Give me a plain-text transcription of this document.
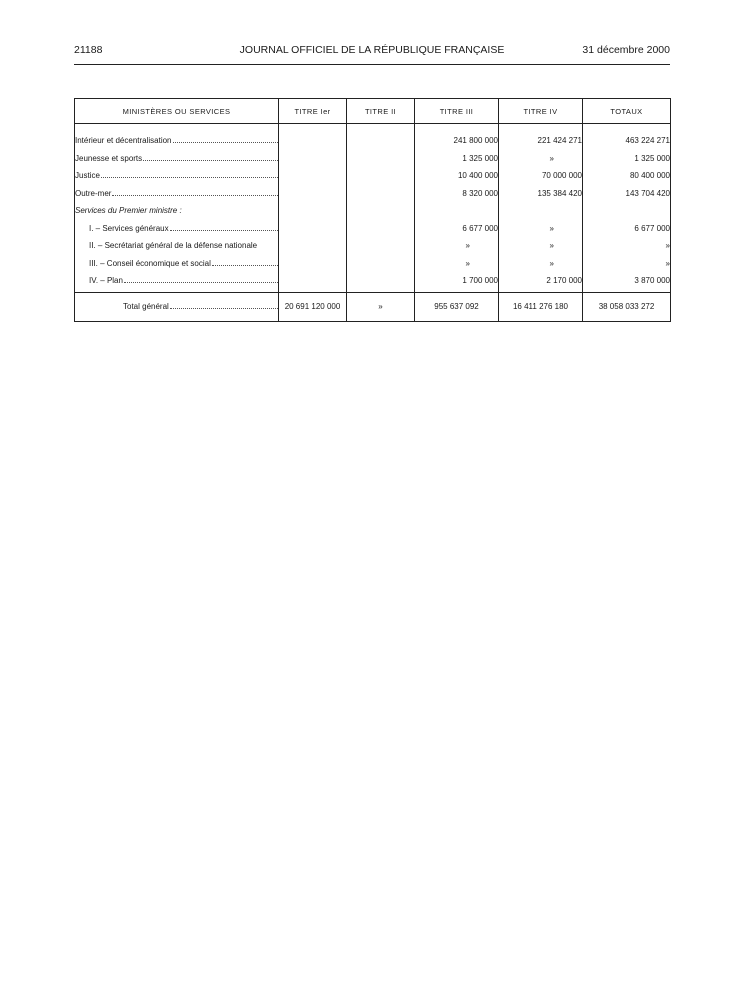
21188	JOURNAL OFFICIEL DE LA RÉPUBLIQUE FRANÇAISE	31 décembre 2000
MINISTÈRES OU SERVICES	TITRE Ier	TITRE II	TITRE III	TITRE IV	TOTAUX

Intérieur et décentralisation			241 800 000	221 424 271	463 224 271

Jeunesse et sports			1 325 000	»	1 325 000

Justice			10 400 000	70 000 000	80 400 000

Outre-mer			8 320 000	135 384 420	143 704 420
Services du Premier ministre :					

I. – Services généraux			6 677 000	»	6 677 000

II. – Secrétariat général de la défense nationale			»	»	»

III. – Conseil économique et social			»	»	»

IV. – Plan			1 700 000	2 170 000	3 870 000

Total général	20 691 120 000	»	955 637 092	16 411 276 180	38 058 033 272
